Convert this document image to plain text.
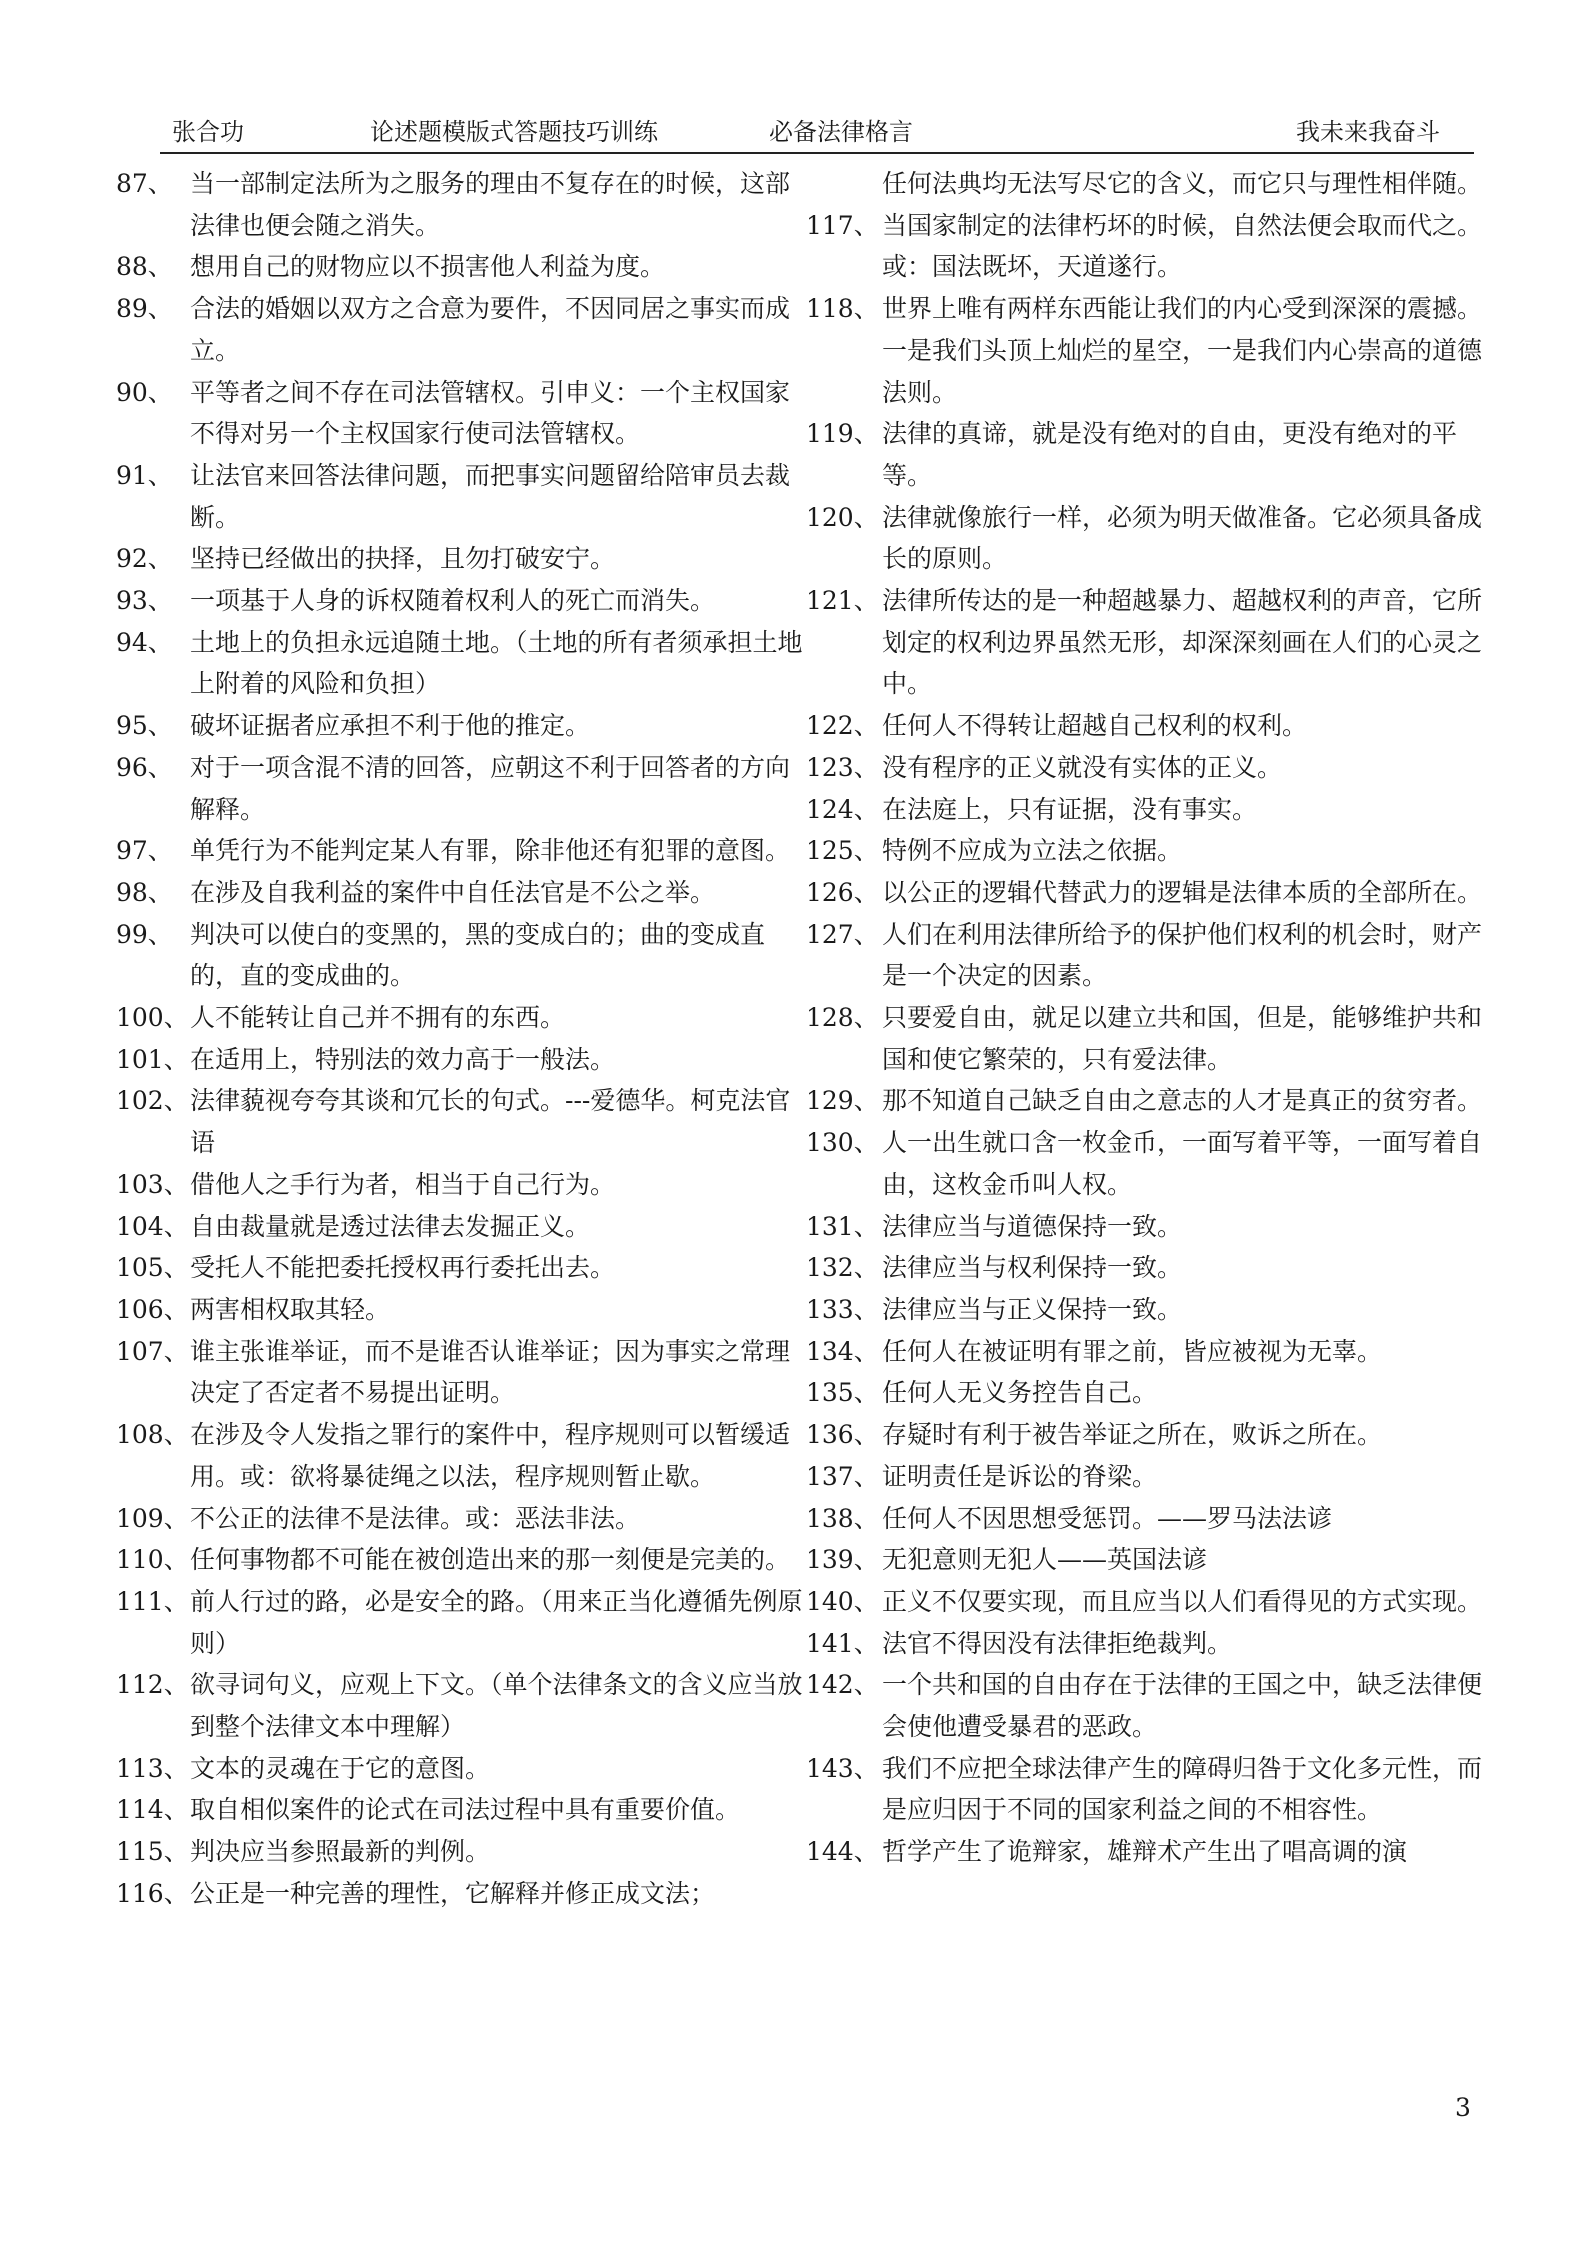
张合功	论述题模版式答题技巧训练	必备法律格言	我未来我奋斗
87、 当一部制定法所为之服务的理由不复存在的时候，这部法律也便会随之消失。
88、 想用自己的财物应以不损害他人利益为度。
89、 合法的婚姻以双方之合意为要件，不因同居之事实而成立。
90、 平等者之间不存在司法管辖权。引申义：一个主权国家不得对另一个主权国家行使司法管辖权。
91、 让法官来回答法律问题，而把事实问题留给陪审员去裁断。
92、 坚持已经做出的抉择，且勿打破安宁。
93、 一项基于人身的诉权随着权利人的死亡而消失。
94、 土地上的负担永远追随土地。（土地的所有者须承担土地上附着的风险和负担）
95、 破坏证据者应承担不利于他的推定。
96、 对于一项含混不清的回答，应朝这不利于回答者的方向解释。
97、 单凭行为不能判定某人有罪，除非他还有犯罪的意图。
98、 在涉及自我利益的案件中自任法官是不公之举。
99、 判决可以使白的变黑的，黑的变成白的；曲的变成直的，直的变成曲的。
100、 人不能转让自己并不拥有的东西。
101、 在适用上，特别法的效力高于一般法。
102、 法律藐视夸夸其谈和冗长的句式。---爱德华。柯克法官语
103、 借他人之手行为者，相当于自己行为。
104、 自由裁量就是透过法律去发掘正义。
105、 受托人不能把委托授权再行委托出去。
106、 两害相权取其轻。
107、 谁主张谁举证，而不是谁否认谁举证；因为事实之常理决定了否定者不易提出证明。
108、 在涉及令人发指之罪行的案件中，程序规则可以暂缓适用。或：欲将暴徒绳之以法，程序规则暂止歇。
109、 不公正的法律不是法律。或：恶法非法。
110、 任何事物都不可能在被创造出来的那一刻便是完美的。
111、 前人行过的路，必是安全的路。（用来正当化遵循先例原则）
112、 欲寻词句义，应观上下文。（单个法律条文的含义应当放到整个法律文本中理解）
113、 文本的灵魂在于它的意图。
114、 取自相似案件的论式在司法过程中具有重要价值。
115、 判决应当参照最新的判例。
116、 公正是一种完善的理性，它解释并修正成文法；
任何法典均无法写尽它的含义，而它只与理性相伴随。
117、 当国家制定的法律朽坏的时候，自然法便会取而代之。或：国法既坏，天道遂行。
118、 世界上唯有两样东西能让我们的内心受到深深的震撼。一是我们头顶上灿烂的星空，一是我们内心崇高的道德法则。
119、 法律的真谛，就是没有绝对的自由，更没有绝对的平等。
120、 法律就像旅行一样，必须为明天做准备。它必须具备成长的原则。
121、 法律所传达的是一种超越暴力、超越权利的声音，它所划定的权利边界虽然无形，却深深刻画在人们的心灵之中。
122、 任何人不得转让超越自己权利的权利。
123、 没有程序的正义就没有实体的正义。
124、 在法庭上，只有证据，没有事实。
125、 特例不应成为立法之依据。
126、 以公正的逻辑代替武力的逻辑是法律本质的全部所在。
127、 人们在利用法律所给予的保护他们权利的机会时，财产是一个决定的因素。
128、 只要爱自由，就足以建立共和国，但是，能够维护共和国和使它繁荣的，只有爱法律。
129、 那不知道自己缺乏自由之意志的人才是真正的贫穷者。
130、 人一出生就口含一枚金币，一面写着平等，一面写着自由，这枚金币叫人权。
131、 法律应当与道德保持一致。
132、 法律应当与权利保持一致。
133、 法律应当与正义保持一致。
134、 任何人在被证明有罪之前，皆应被视为无辜。
135、 任何人无义务控告自己。
136、 存疑时有利于被告举证之所在，败诉之所在。
137、 证明责任是诉讼的脊梁。
138、 任何人不因思想受惩罚。——罗马法法谚
139、 无犯意则无犯人——英国法谚
140、 正义不仅要实现，而且应当以人们看得见的方式实现。
141、 法官不得因没有法律拒绝裁判。
142、 一个共和国的自由存在于法律的王国之中，缺乏法律便会使他遭受暴君的恶政。
143、 我们不应把全球法律产生的障碍归咎于文化多元性，而是应归因于不同的国家利益之间的不相容性。
144、 哲学产生了诡辩家，雄辩术产生出了唱高调的演
3
